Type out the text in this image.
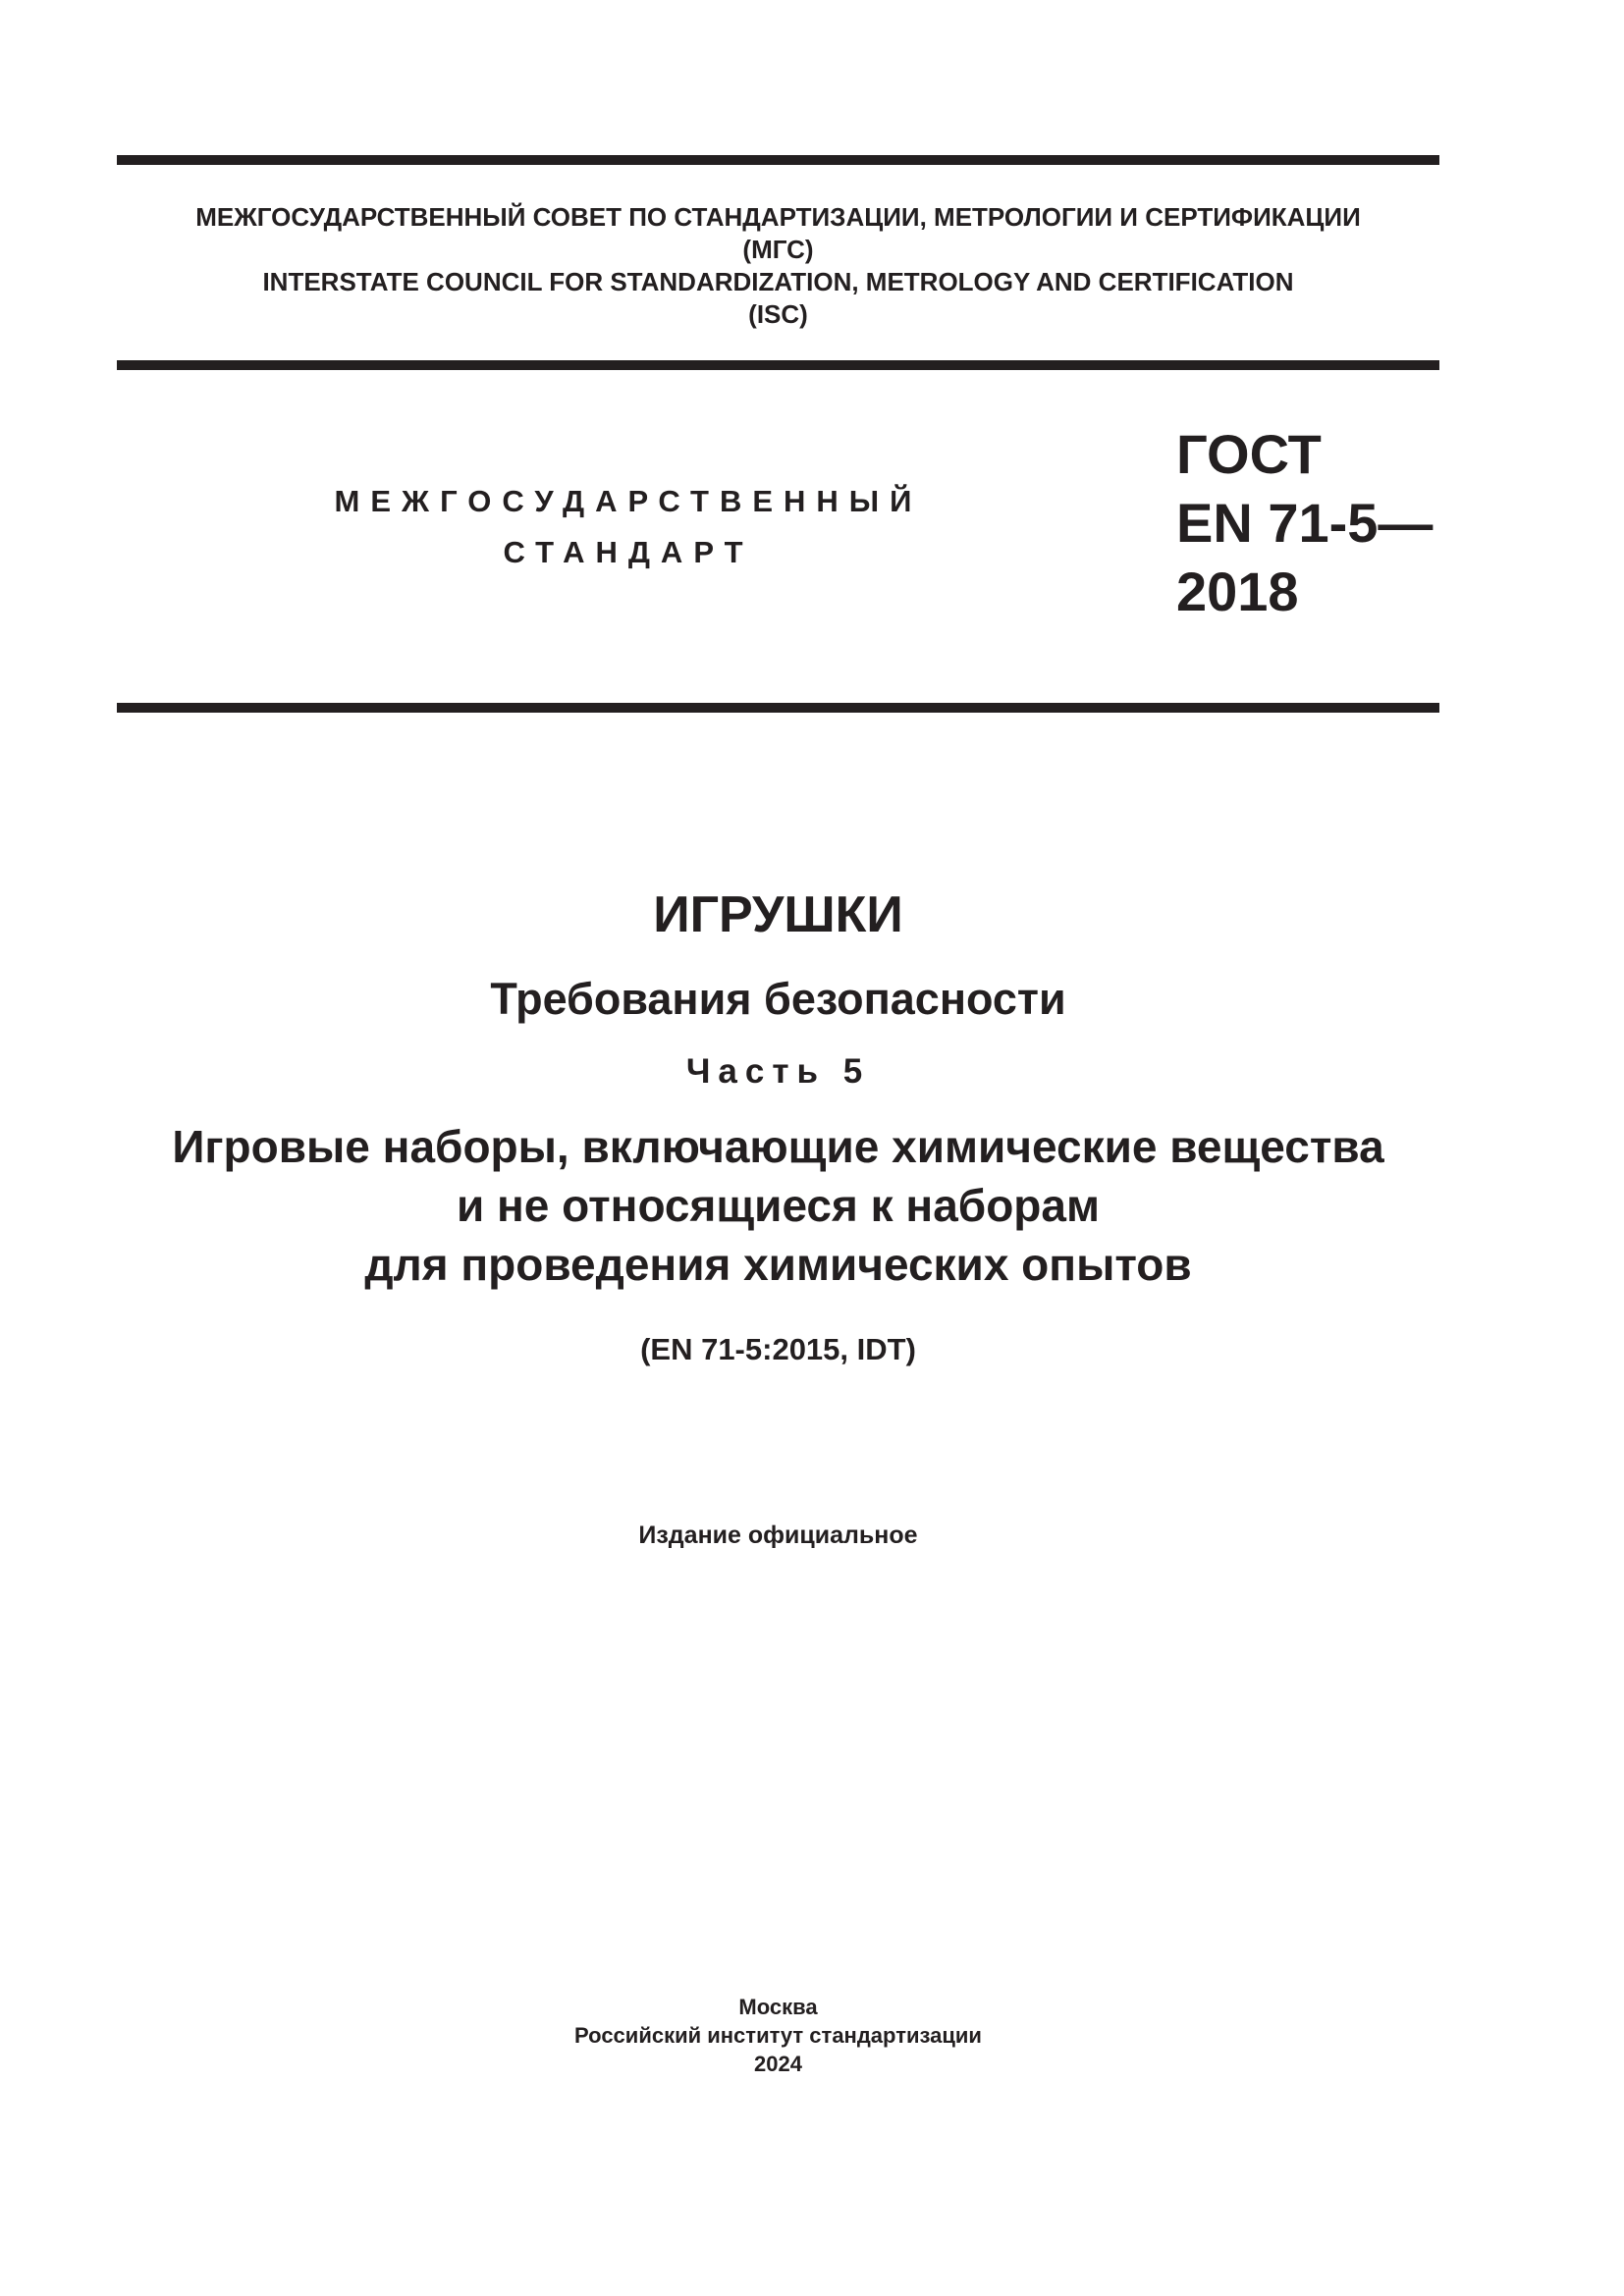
МЕЖГОСУДАРСТВЕННЫЙ СОВЕТ ПО СТАНДАРТИЗАЦИИ, МЕТРОЛОГИИ И СЕРТИФИКАЦИИ
(МГС)
INTERSTATE COUNCIL FOR STANDARDIZATION, METROLOGY AND CERTIFICATION
(ISC)
МЕЖГОСУДАРСТВЕННЫЙ
СТАНДАРТ
ГОСТ
EN 71-5—
2018
ИГРУШКИ
Требования безопасности
Часть 5
Игровые наборы, включающие химические вещества
и не относящиеся к наборам
для проведения химических опытов
(EN 71-5:2015, IDT)
Издание официальное
Москва
Российский институт стандартизации
2024
